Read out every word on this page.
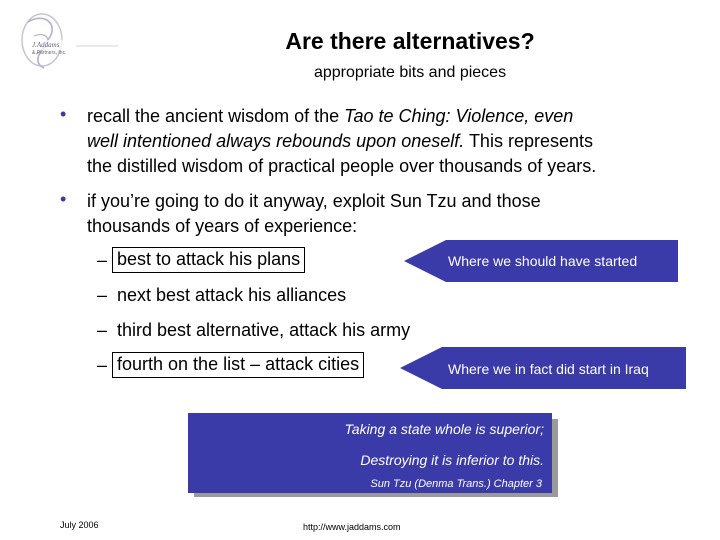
J.Addams
& Partners, Inc.	Are there alternatives?
appropriate bits and pieces
• recall the ancient wisdom of the Tao te Ching: Violence, even
well intentioned always rebounds upon oneself. This represents
the distilled wisdom of practical people over thousands of years.
• if you’re going to do it anyway, exploit Sun Tzu and those
thousands of years of experience:
– best to attack his plans
– next best attack his alliances
– third best alternative, attack his army
– fourth on the list – attack cities
Where we should have started
Where we in fact did start in Iraq
Taking a state whole is superior;
Destroying it is inferior to this.
Sun Tzu (Denma Trans.) Chapter 3
July 2006	http://www.jaddams.com
